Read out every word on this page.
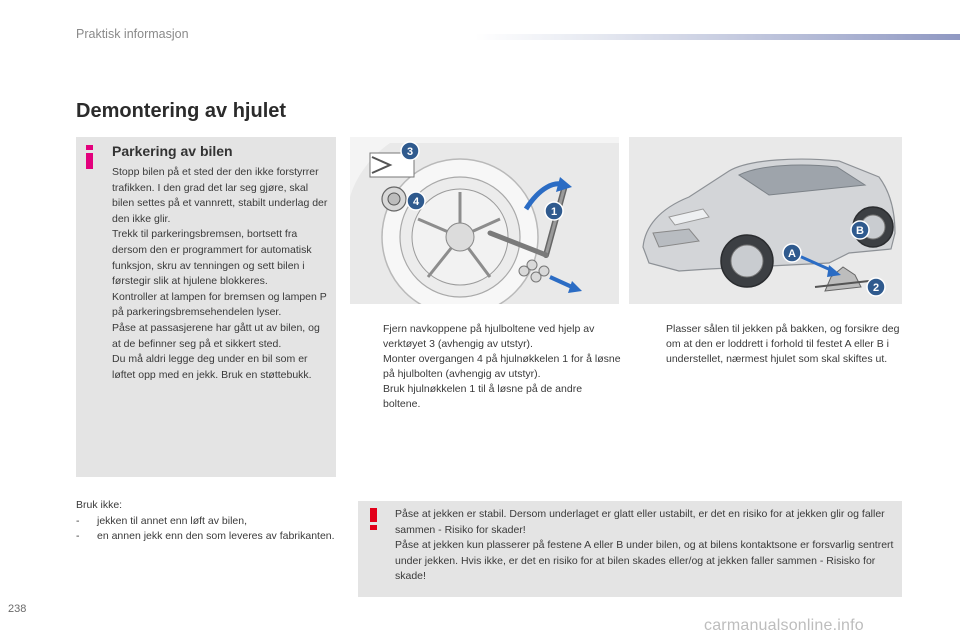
Praktisk informasjon
Demontering av hjulet
Parkering av bilen

Stopp bilen på et sted der den ikke forstyrrer trafikken. I den grad det lar seg gjøre, skal bilen settes på et vannrett, stabilt underlag der den ikke glir.

Trekk til parkeringsbremsen, bortsett fra dersom den er programmert for automatisk funksjon, skru av tenningen og sett bilen i førstegir slik at hjulene blokkeres.

Kontroller at lampen for bremsen og lampen P på parkeringsbremsehendelen lyser.

Påse at passasjerene har gått ut av bilen, og at de befinner seg på et sikkert sted.

Du må aldri legge deg under en bil som er løftet opp med en jekk. Bruk en støttebukk.

3
4
1
A
B
2
Fjern navkoppene på hjulboltene ved hjelp av verktøyet 3 (avhengig av utstyr).
Monter overgangen 4 på hjulnøkkelen 1 for å løsne på hjulbolten (avhengig av utstyr).
Bruk hjulnøkkelen 1 til å løsne på de andre boltene.
Plasser sålen til jekken på bakken, og forsikre deg om at den er loddrett i forhold til festet A eller B i understellet, nærmest hjulet som skal skiftes ut.
Bruk ikke:
- jekken til annet enn løft av bilen,
- en annen jekk enn den som leveres av fabrikanten.

Påse at jekken er stabil. Dersom underlaget er glatt eller ustabilt, er det en risiko for at jekken glir og faller sammen - Risiko for skader!

Påse at jekken kun plasserer på festene A eller B under bilen, og at bilens kontaktsone er forsvarlig sentrert under jekken. Hvis ikke, er det en risiko for at bilen skades eller/og at jekken faller sammen - Risisko for skade!

238
carmanualsonline.info
